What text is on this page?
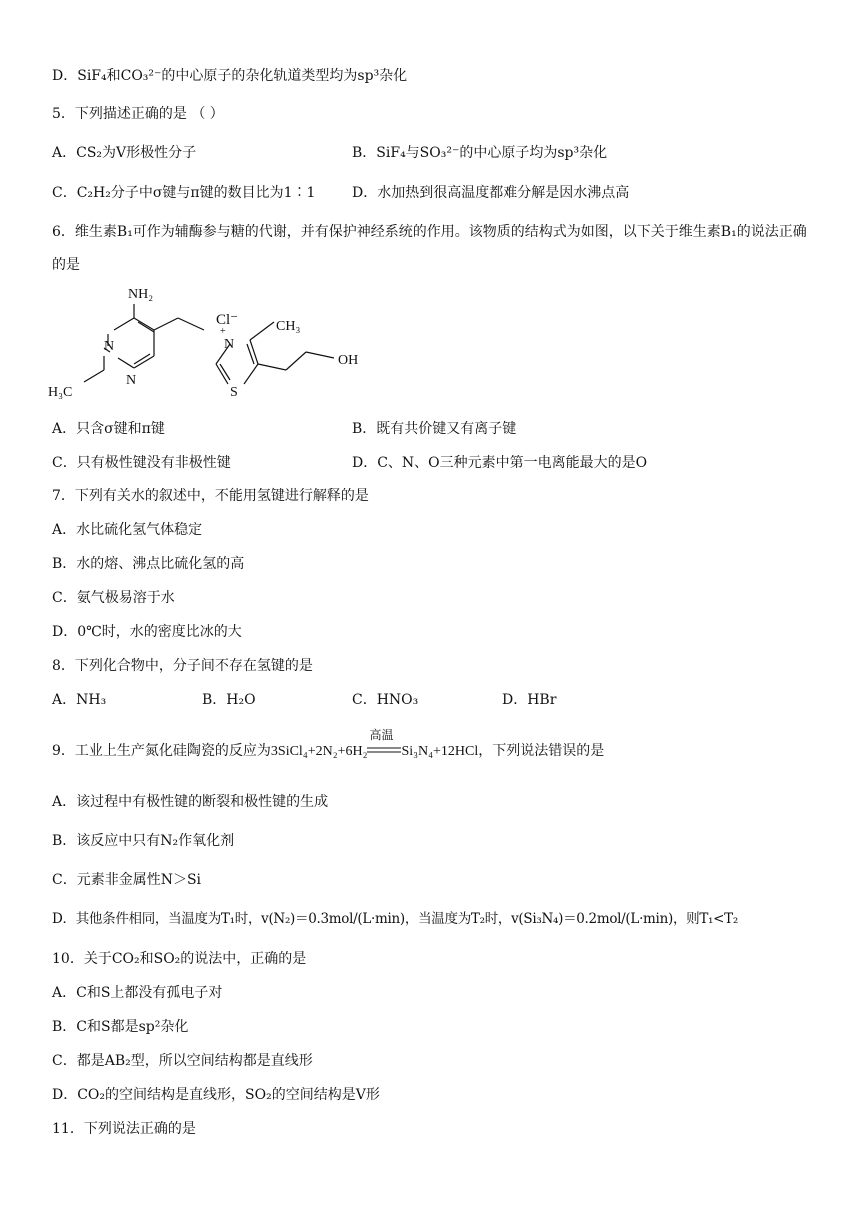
D．SiF₄和CO₃²⁻的中心原子的杂化轨道类型均为sp³杂化
5．下列描述正确的是 （ ）
A．CS₂为V形极性分子	B．SiF₄与SO₃²⁻的中心原子均为sp³杂化
C．C₂H₂分子中σ键与π键的数目比为1∶1	D．水加热到很高温度都难分解是因水沸点高
6．维生素B₁可作为辅酶参与糖的代谢，并有保护神经系统的作用。该物质的结构式为如图，以下关于维生素B₁的说法正确的是
NH₂
N
N
H₃C
Cl⁻
+
N
CH₃
S
OH
A．只含σ键和π键	B．既有共价键又有离子键
C．只有极性键没有非极性键	D．C、N、O三种元素中第一电离能最大的是O
7．下列有关水的叙述中，不能用氢键进行解释的是
A．水比硫化氢气体稳定
B．水的熔、沸点比硫化氢的高
C．氨气极易溶于水
D．0℃时，水的密度比冰的大
8．下列化合物中，分子间不存在氢键的是
A．NH₃	B．H₂O	C．HNO₃	D．HBr
9．工业上生产氮化硅陶瓷的反应为3SiCl₄+2N₂+6H₂
高温
Si₃N₄+12HCl，下列说法错误的是
A．该过程中有极性键的断裂和极性键的生成
B．该反应中只有N₂作氧化剂
C．元素非金属性N＞Si
D．其他条件相同，当温度为T₁时，v(N₂)＝0.3mol/(L·min)，当温度为T₂时，v(Si₃N₄)＝0.2mol/(L·min)，则T₁<T₂
10．关于CO₂和SO₂的说法中，正确的是
A．C和S上都没有孤电子对
B．C和S都是sp²杂化
C．都是AB₂型，所以空间结构都是直线形
D．CO₂的空间结构是直线形，SO₂的空间结构是V形
11．下列说法正确的是
